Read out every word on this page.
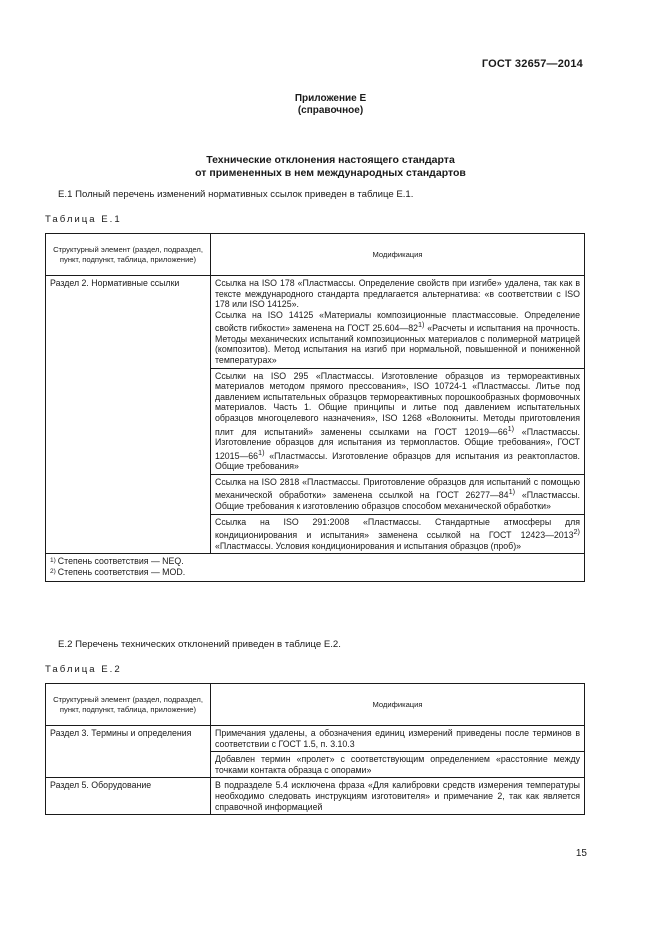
ГОСТ 32657—2014
Приложение Е
(справочное)
Технические отклонения настоящего стандарта
от примененных в нем международных стандартов
Е.1 Полный перечень изменений нормативных ссылок приведен в таблице Е.1.
Таблица Е.1
Структурный элемент (раздел, подраздел, пункт, подпункт, таблица, приложение)	Модификация
Раздел 2. Нормативные ссылки	Ссылка на ISO 178 «Пластмассы. Определение свойств при изгибе» удалена, так как в тексте международного стандарта предлагается альтернатива: «в соответствии с ISO 178 или ISO 14125».
Ссылка на ISO 14125 «Материалы композиционные пластмассовые. Определение свойств гибкости» заменена на ГОСТ 25.604—82$^{1)}$ «Расчеты и испытания на прочность. Методы механических испытаний композиционных материалов с полимерной матрицей (композитов). Метод испытания на изгиб при нормальной, повышенной и пониженной температурах»
	Ссылки на ISO 295 «Пластмассы. Изготовление образцов из термореактивных материалов методом прямого прессования», ISO 10724-1 «Пластмассы. Литье под давлением испытательных образцов термореактивных порошкообразных формовочных материалов. Часть 1. Общие принципы и литье под давлением испытательных образцов многоцелевого назначения», ISO 1268 «Волокниты. Методы приготовления плит для испытаний» заменены ссылками на ГОСТ 12019—66$^{1)}$ «Пластмассы. Изготовление образцов для испытания из термопластов. Общие требования», ГОСТ 12015—66$^{1)}$ «Пластмассы. Изготовление образцов для испытания из реактопластов. Общие требования»
	Ссылка на ISO 2818 «Пластмассы. Приготовление образцов для испытаний с помощью механической обработки» заменена ссылкой на ГОСТ 26277—84$^{1)}$ «Пластмассы. Общие требования к изготовлению образцов способом механической обработки»
	Ссылка на ISO 291:2008 «Пластмассы. Стандартные атмосферы для кондиционирования и испытания» заменена ссылкой на ГОСТ 12423—2013$^{2)}$ «Пластмассы. Условия кондиционирования и испытания образцов (проб)»

$^{1)}$ Степень соответствия — NEQ.
$^{2)}$ Степень соответствия — MOD.	
Е.2 Перечень технических отклонений приведен в таблице Е.2.
Таблица Е.2
Структурный элемент (раздел, подраздел, пункт, подпункт, таблица, приложение)	Модификация
Раздел 3. Термины и определения	Примечания удалены, а обозначения единиц измерений приведены после терминов в соответствии с ГОСТ 1.5, п. 3.10.3
	Добавлен термин «пролет» с соответствующим определением «расстояние между точками контакта образца с опорами»
Раздел 5. Оборудование	В подразделе 5.4 исключена фраза «Для калибровки средств измерения температуры необходимо следовать инструкциям изготовителя» и примечание 2, так как является справочной информацией
15
